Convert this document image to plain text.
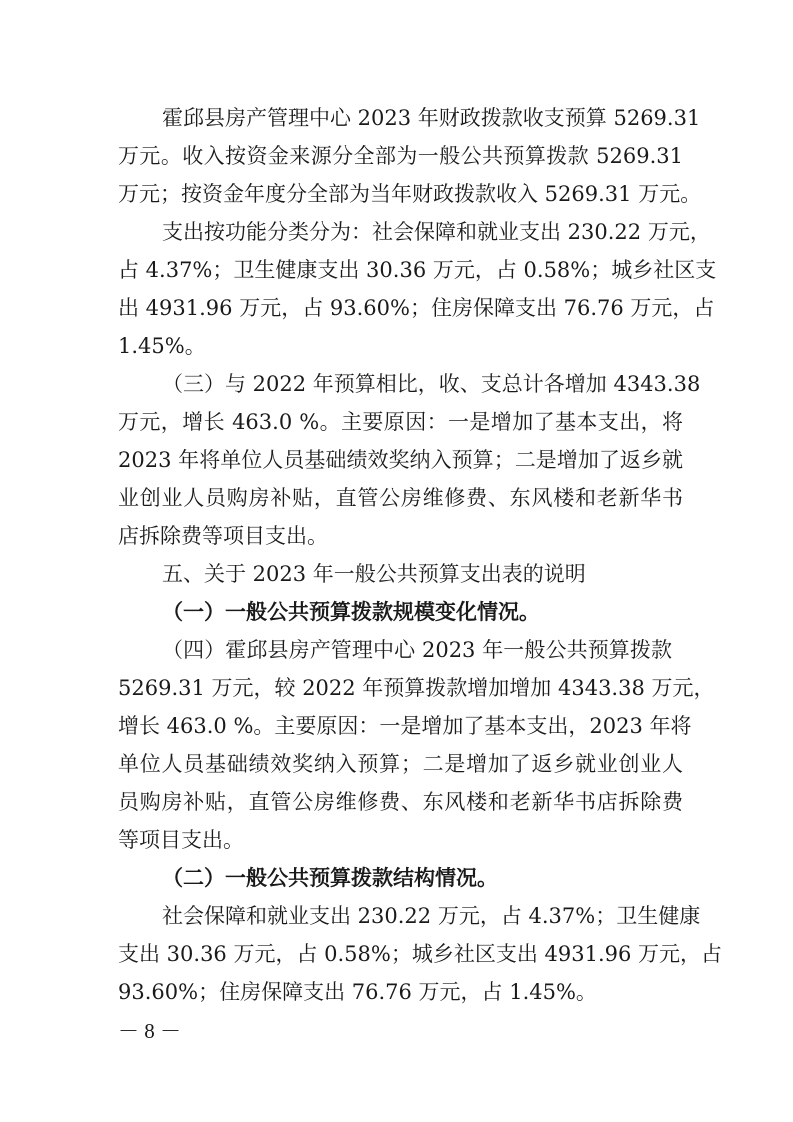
霍邱县房产管理中心 2023 年财政拨款收支预算 5269.31

万元。收入按资金来源分全部为一般公共预算拨款 5269.31

万元；按资金年度分全部为当年财政拨款收入 5269.31 万元。

支出按功能分类分为：社会保障和就业支出 230.22 万元，

占 4.37%；卫生健康支出 30.36 万元，占 0.58%；城乡社区支

出 4931.96 万元，占 93.60%；住房保障支出 76.76 万元，占

1.45%。

（三）与 2022 年预算相比，收、支总计各增加 4343.38

万元，增长 463.0 %。主要原因：一是增加了基本支出，将

2023 年将单位人员基础绩效奖纳入预算；二是增加了返乡就

业创业人员购房补贴，直管公房维修费、东风楼和老新华书

店拆除费等项目支出。

五、关于 2023 年一般公共预算支出表的说明

（一）一般公共预算拨款规模变化情况。

（四）霍邱县房产管理中心 2023 年一般公共预算拨款

5269.31 万元，较 2022 年预算拨款增加增加 4343.38 万元，

增长 463.0 %。主要原因：一是增加了基本支出，2023 年将

单位人员基础绩效奖纳入预算；二是增加了返乡就业创业人

员购房补贴，直管公房维修费、东风楼和老新华书店拆除费

等项目支出。

（二）一般公共预算拨款结构情况。

社会保障和就业支出 230.22 万元，占 4.37%；卫生健康

支出 30.36 万元，占 0.58%；城乡社区支出 4931.96 万元，占

93.60%；住房保障支出 76.76 万元，占 1.45%。

－ 8 －
